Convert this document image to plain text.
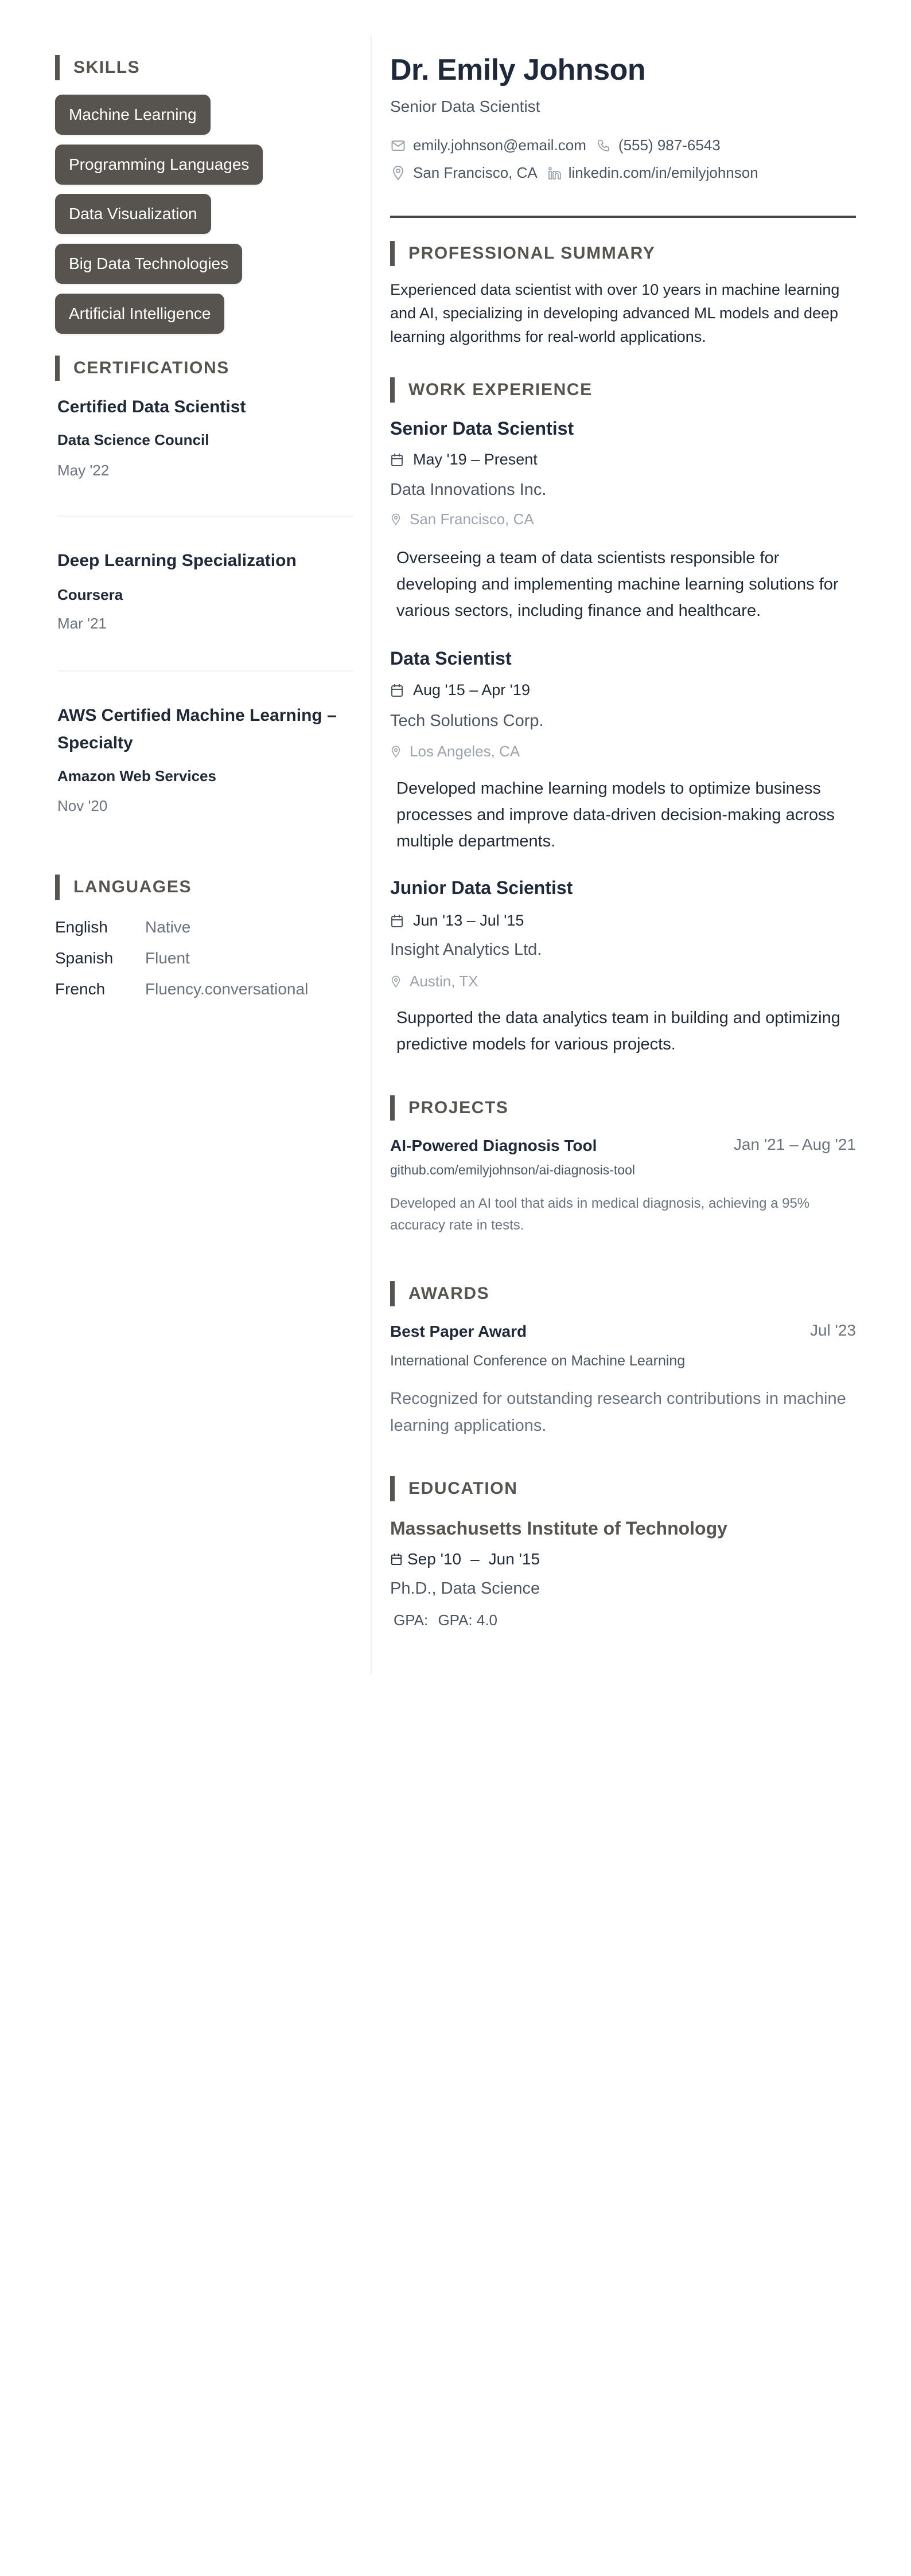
SKILLS
Machine Learning
Programming Languages
Data Visualization
Big Data Technologies
Artificial Intelligence
CERTIFICATIONS
Certified Data Scientist
Data Science Council
May '22
Deep Learning Specialization
Coursera
Mar '21
AWS Certified Machine Learning – Specialty
Amazon Web Services
Nov '20
LANGUAGES
English Native
Spanish Fluent
French Fluency.conversational
Dr. Emily Johnson
Senior Data Scientist
emily.johnson@email.com (555) 987-6543
San Francisco, CA linkedin.com/in/emilyjohnson
PROFESSIONAL SUMMARY

Experienced data scientist with over 10 years in machine learning and AI, specializing in developing advanced ML models and deep learning algorithms for real-world applications.

WORK EXPERIENCE
Senior Data Scientist
May '19 – Present
Data Innovations Inc.
San Francisco, CA

Overseeing a team of data scientists responsible for developing and implementing machine learning solutions for various sectors, including finance and healthcare.

Data Scientist
Aug '15 – Apr '19
Tech Solutions Corp.
Los Angeles, CA

Developed machine learning models to optimize business processes and improve data-driven decision-making across multiple departments.

Junior Data Scientist
Jun '13 – Jul '15
Insight Analytics Ltd.
Austin, TX

Supported the data analytics team in building and optimizing predictive models for various projects.

PROJECTS
AI-Powered Diagnosis Tool	Jan '21 – Aug '21
github.com/emilyjohnson/ai-diagnosis-tool

Developed an AI tool that aids in medical diagnosis, achieving a 95% accuracy rate in tests.

AWARDS
Best Paper Award	Jul '23
International Conference on Machine Learning

Recognized for outstanding research contributions in machine learning applications.

EDUCATION
Massachusetts Institute of Technology
Sep '10 – Jun '15
Ph.D., Data Science
GPA: GPA: 4.0
